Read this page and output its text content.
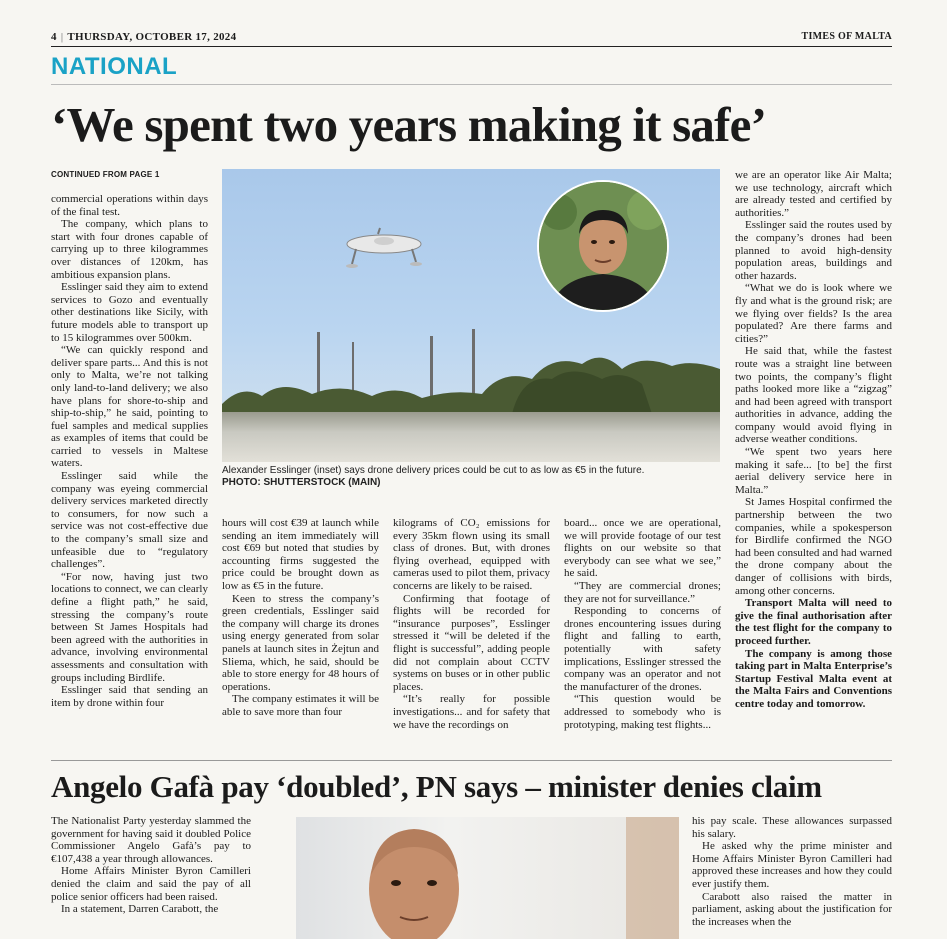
4 | THURSDAY, OCTOBER 17, 2024	TIMES OF MALTA
NATIONAL
‘We spent two years making it safe’
CONTINUED FROM PAGE 1

commercial operations within days of the final test.

The company, which plans to start with four drones capable of carrying up to three kilogrammes over distances of 120km, has ambitious expansion plans.

Esslinger said they aim to extend services to Gozo and eventually other destinations like Sicily, with future models able to transport up to 15 kilogrammes over 500km.

“We can quickly respond and deliver spare parts... And this is not only to Malta, we’re not talking only land-to-land delivery; we also have plans for shore-to-ship and ship-to-ship,” he said, pointing to fuel samples and medical supplies as examples of items that could be carried to vessels in Maltese waters.

Esslinger said while the company was eyeing commercial delivery services marketed directly to consumers, for now such a service was not cost-effective due to the company’s small size and unfeasible due to “regulatory challenges”.

“For now, having just two locations to connect, we can clearly define a flight path,” he said, stressing the company’s route between St James Hospitals had been agreed with the authorities in advance, involving environmental assessments and consultation with groups including Birdlife.

Esslinger said that sending an item by drone within four

Alexander Esslinger (inset) says drone delivery prices could be cut to as low as €5 in the future.
PHOTO: SHUTTERSTOCK (MAIN)

hours will cost €39 at launch while sending an item immediately will cost €69 but noted that studies by accounting firms suggested the price could be brought down as low as €5 in the future.

Keen to stress the company’s green credentials, Esslinger said the company will charge its drones using energy generated from solar panels at launch sites in Żejtun and Sliema, which, he said, should be able to store energy for 48 hours of operations.

The company estimates it will be able to save more than four

kilograms of CO₂ emissions for every 35km flown using its small class of drones. But, with drones flying overhead, equipped with cameras used to pilot them, privacy concerns are likely to be raised.

Confirming that footage of flights will be recorded for “insurance purposes”, Esslinger stressed it “will be deleted if the flight is successful”, adding people did not complain about CCTV systems on buses or in other public places.

“It’s really for possible investigations... and for safety that we have the recordings on

board... once we are operational, we will provide footage of our test flights on our website so that everybody can see what we see,” he said.

“They are commercial drones; they are not for surveillance.”

Responding to concerns of drones encountering issues during flight and falling to earth, potentially with safety implications, Esslinger stressed the company was an operator and not the manufacturer of the drones.

“This question would be addressed to somebody who is prototyping, making test flights...

we are an operator like Air Malta; we use technology, aircraft which are already tested and certified by authorities.”

Esslinger said the routes used by the company’s drones had been planned to avoid high-density population areas, buildings and other hazards.

“What we do is look where we fly and what is the ground risk; are we flying over fields? Is the area populated? Are there farms and cities?”

He said that, while the fastest route was a straight line between two points, the company’s flight paths looked more like a “zigzag” and had been agreed with transport authorities in advance, adding the company would avoid flying in adverse weather conditions.

“We spent two years here making it safe... [to be] the first aerial delivery service here in Malta.”

St James Hospital confirmed the partnership between the two companies, while a spokesperson for Birdlife confirmed the NGO had been consulted and had warned the drone company about the danger of collisions with birds, among other concerns.

Transport Malta will need to give the final authorisation after the test flight for the company to proceed further.

The company is among those taking part in Malta Enterprise’s Startup Festival Malta event at the Malta Fairs and Conventions centre today and tomorrow.

Angelo Gafà pay ‘doubled’, PN says – minister denies claim

The Nationalist Party yesterday slammed the government for having said it doubled Police Commissioner Angelo Gafà’s pay to €107,438 a year through allowances.

Home Affairs Minister Byron Camilleri denied the claim and said the pay of all police senior officers had been raised.

In a statement, Darren Carabott, the

his pay scale. These allowances surpassed his salary.

He asked why the prime minister and Home Affairs Minister Byron Camilleri had approved these increases and how they could ever justify them.

Carabott also raised the matter in parliament, asking about the justification for the increases when the
